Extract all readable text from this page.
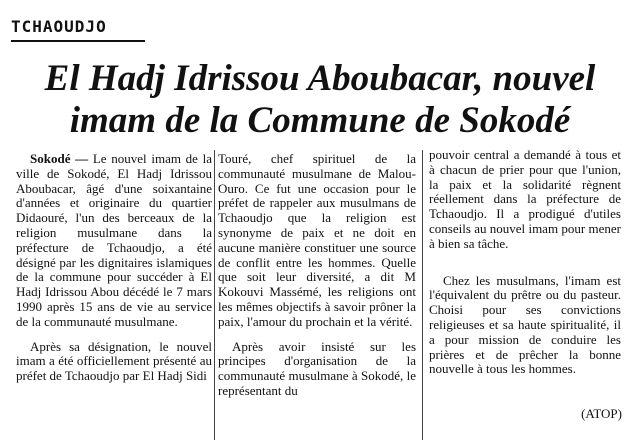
TCHAOUDJO
El Hadj Idrissou Aboubacar, nouvel
imam de la Commune de Sokodé

Sokodé — Le nouvel imam de la ville de Sokodé, El Hadj Idrissou Aboubacar, âgé d'une soixantaine d'années et originaire du quartier Didaouré, l'un des berceaux de la religion musulmane dans la préfecture de Tchaoudjo, a été désigné par les dignitaires islamiques de la commune pour succéder à El Hadj Idrissou Abou décédé le 7 mars 1990 après 15 ans de vie au service de la communauté musulmane.

Après sa désignation, le nouvel imam a été officiellement présenté au préfet de Tchaoudjo par El Hadj Sidi

Touré, chef spirituel de la communauté musulmane de Malou-Ouro. Ce fut une occasion pour le préfet de rappeler aux musulmans de Tchaoudjo que la religion est synonyme de paix et ne doit en aucune manière constituer une source de conflit entre les hommes. Quelle que soit leur diversité, a dit M Kokouvi Massémé, les religions ont les mêmes objectifs à savoir prôner la paix, l'amour du prochain et la vérité.

Après avoir insisté sur les principes d'organisation de la communauté musulmane à Sokodé, le représentant du

pouvoir central a demandé à tous et à chacun de prier pour que l'union, la paix et la solidarité règnent réellement dans la préfecture de Tchaoudjo. Il a prodigué d'utiles conseils au nouvel imam pour mener à bien sa tâche.

Chez les musulmans, l'imam est l'équivalent du prêtre ou du pasteur. Choisi pour ses convictions religieuses et sa haute spiritualité, il a pour mission de conduire les prières et de prêcher la bonne nouvelle à tous les hommes.

(ATOP)
